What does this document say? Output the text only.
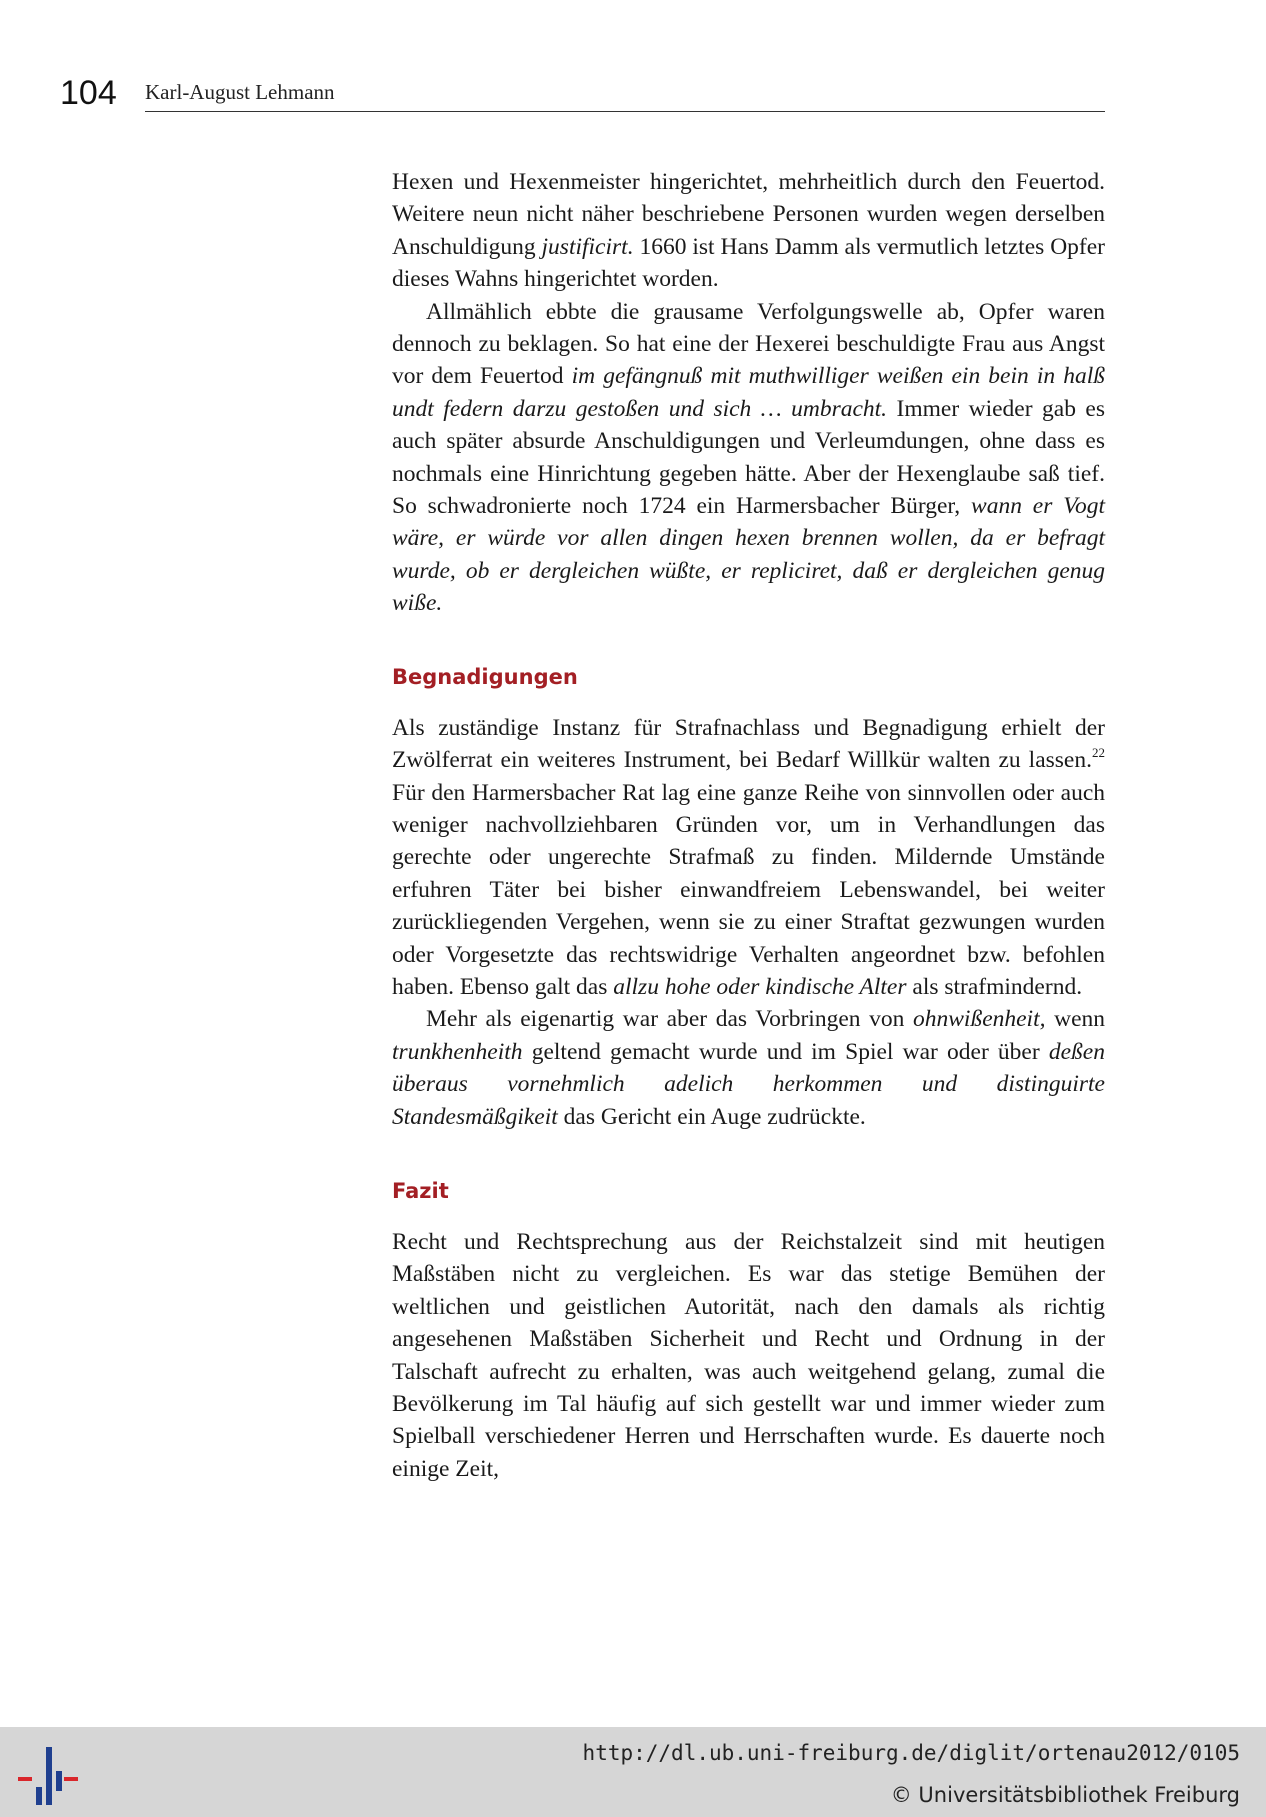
104 Karl-August Lehmann

Hexen und Hexenmeister hingerichtet, mehrheitlich durch den Feuertod. Weitere neun nicht näher beschriebene Personen wurden wegen derselben Anschuldigung justificirt. 1660 ist Hans Damm als vermutlich letztes Opfer dieses Wahns hingerichtet worden.

Allmählich ebbte die grausame Verfolgungswelle ab, Opfer waren dennoch zu beklagen. So hat eine der Hexerei beschuldigte Frau aus Angst vor dem Feuertod im gefängnuß mit muthwilliger weißen ein bein in halß undt federn darzu gestoßen und sich … umbracht. Immer wieder gab es auch später absurde Anschuldigungen und Verleumdungen, ohne dass es nochmals eine Hinrichtung gegeben hätte. Aber der Hexenglaube saß tief. So schwadronierte noch 1724 ein Harmersbacher Bürger, wann er Vogt wäre, er würde vor allen dingen hexen brennen wollen, da er befragt wurde, ob er dergleichen wüßte, er repliciret, daß er dergleichen genug wiße.

Begnadigungen

Als zuständige Instanz für Strafnachlass und Begnadigung erhielt der Zwölferrat ein weiteres Instrument, bei Bedarf Willkür walten zu lassen.$^{22}$ Für den Harmersbacher Rat lag eine ganze Reihe von sinnvollen oder auch weniger nachvollziehbaren Gründen vor, um in Verhandlungen das gerechte oder ungerechte Strafmaß zu finden. Mildernde Umstände erfuhren Täter bei bisher einwandfreiem Lebenswandel, bei weiter zurückliegenden Vergehen, wenn sie zu einer Straftat gezwungen wurden oder Vorgesetzte das rechtswidrige Verhalten angeordnet bzw. befohlen haben. Ebenso galt das allzu hohe oder kindische Alter als strafmindernd.

Mehr als eigenartig war aber das Vorbringen von ohnwißenheit, wenn trunkhenheith geltend gemacht wurde und im Spiel war oder über deßen überaus vornehmlich adelich herkommen und distinguirte Standesmäßgikeit das Gericht ein Auge zudrückte.

Fazit

Recht und Rechtsprechung aus der Reichstalzeit sind mit heutigen Maßstäben nicht zu vergleichen. Es war das stetige Bemühen der weltlichen und geistlichen Autorität, nach den damals als richtig angesehenen Maßstäben Sicherheit und Recht und Ordnung in der Talschaft aufrecht zu erhalten, was auch weitgehend gelang, zumal die Bevölkerung im Tal häufig auf sich gestellt war und immer wieder zum Spielball verschiedener Herren und Herrschaften wurde. Es dauerte noch einige Zeit,

http://dl.ub.uni-freiburg.de/diglit/ortenau2012/0105
© Universitätsbibliothek Freiburg
